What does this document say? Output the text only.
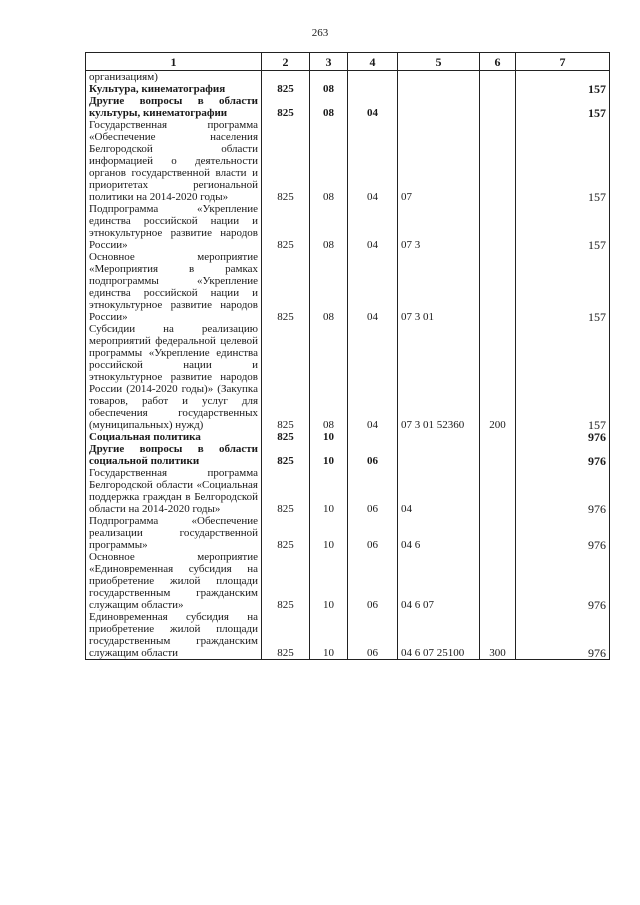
263
1	2	3	4	5	6	7
организациям)						
Культура, кинематография	825	08				157
Другие вопросы в области культуры, кинематографии	825	08	04			157
Государственная программа «Обеспечение населения Белгородской области информацией о деятельности органов государственной власти и приоритетах региональной политики на 2014-2020 годы»	825	08	04	07		157
Подпрограмма «Укрепление единства российской нации и этнокультурное развитие народов России»	825	08	04	07 3		157
Основное мероприятие «Мероприятия в рамках подпрограммы «Укрепление единства российской нации и этнокультурное развитие народов России»	825	08	04	07 3 01		157
Субсидии на реализацию мероприятий федеральной целевой программы «Укрепление единства российской нации и этнокультурное развитие народов России (2014-2020 годы)» (Закупка товаров, работ и услуг для обеспечения государственных (муниципальных) нужд)	825	08	04	07 3 01 52360	200	157
Социальная политика	825	10				976
Другие вопросы в области социальной политики	825	10	06			976
Государственная программа Белгородской области «Социальная поддержка граждан в Белгородской области на 2014-2020 годы»	825	10	06	04		976
Подпрограмма «Обеспечение реализации государственной программы»	825	10	06	04 6		976
Основное мероприятие «Единовременная субсидия на приобретение жилой площади государственным гражданским служащим области»	825	10	06	04 6 07		976
Единовременная субсидия на приобретение жилой площади государственным гражданским служащим области	825	10	06	04 6 07 25100	300	976
